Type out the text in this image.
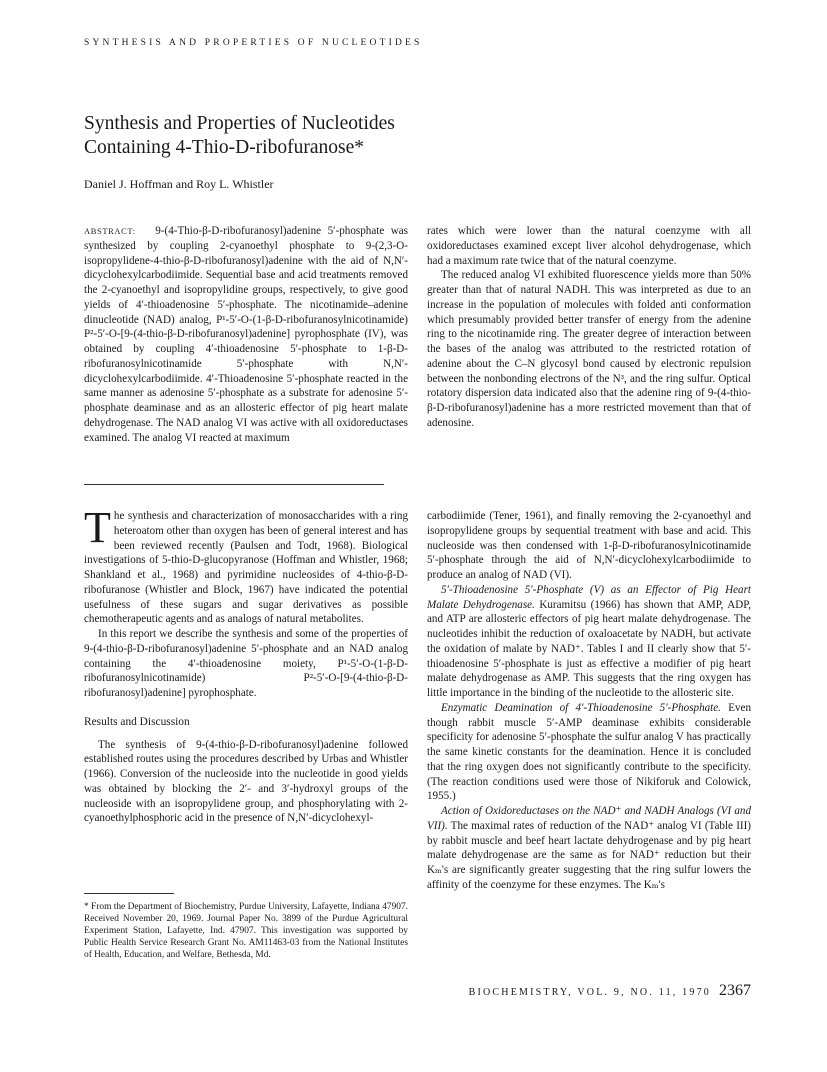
SYNTHESIS AND PROPERTIES OF NUCLEOTIDES
Synthesis and Properties of Nucleotides
Containing 4-Thio-D-ribofuranose*
Daniel J. Hoffman and Roy L. Whistler

ABSTRACT: 9-(4-Thio-β-D-ribofuranosyl)adenine 5′-phosphate was synthesized by coupling 2-cyanoethyl phosphate to 9-(2,3-O-isopropylidene-4-thio-β-D-ribofuranosyl)adenine with the aid of N,N′-dicyclohexylcarbodiimide. Sequential base and acid treatments removed the 2-cyanoethyl and isopropylidine groups, respectively, to give good yields of 4′-thioadenosine 5′-phosphate. The nicotinamide–adenine dinucleotide (NAD) analog, P¹-5′-O-(1-β-D-ribofuranosylnicotinamide) P²-5′-O-[9-(4-thio-β-D-ribofuranosyl)adenine] pyrophosphate (IV), was obtained by coupling 4′-thioadenosine 5′-phosphate to 1-β-D-ribofuranosylnicotinamide 5′-phosphate with N,N′-dicyclohexylcarbodiimide. 4′-Thioadenosine 5′-phosphate reacted in the same manner as adenosine 5′-phosphate as a substrate for adenosine 5′-phosphate deaminase and as an allosteric effector of pig heart malate dehydrogenase. The NAD analog VI was active with all oxidoreductases examined. The analog VI reacted at maximum

rates which were lower than the natural coenzyme with all oxidoreductases examined except liver alcohol dehydrogenase, which had a maximum rate twice that of the natural coenzyme.

The reduced analog VI exhibited fluorescence yields more than 50% greater than that of natural NADH. This was interpreted as due to an increase in the population of molecules with folded anti conformation which presumably provided better transfer of energy from the adenine ring to the nicotinamide ring. The greater degree of interaction between the bases of the analog was attributed to the restricted rotation of adenine about the C–N glycosyl bond caused by electronic repulsion between the nonbonding electrons of the N³, and the ring sulfur. Optical rotatory dispersion data indicated also that the adenine ring of 9-(4-thio-β-D-ribofuranosyl)adenine has a more restricted movement than that of adenosine.

The synthesis and characterization of monosaccharides with a ring heteroatom other than oxygen has been of general interest and has been reviewed recently (Paulsen and Todt, 1968). Biological investigations of 5-thio-D-glucopyranose (Hoffman and Whistler, 1968; Shankland et al., 1968) and pyrimidine nucleosides of 4-thio-β-D-ribofuranose (Whistler and Block, 1967) have indicated the potential usefulness of these sugars and sugar derivatives as possible chemotherapeutic agents and as analogs of natural metabolites.

In this report we describe the synthesis and some of the properties of 9-(4-thio-β-D-ribofuranosyl)adenine 5′-phosphate and an NAD analog containing the 4′-thioadenosine moiety, P¹-5′-O-(1-β-D-ribofuranosylnicotinamide) P²-5′-O-[9-(4-thio-β-D-ribofuranosyl)adenine] pyrophosphate.

Results and Discussion

The synthesis of 9-(4-thio-β-D-ribofuranosyl)adenine followed established routes using the procedures described by Urbas and Whistler (1966). Conversion of the nucleoside into the nucleotide in good yields was obtained by blocking the 2′- and 3′-hydroxyl groups of the nucleoside with an isopropylidene group, and phosphorylating with 2-cyanoethylphosphoric acid in the presence of N,N′-dicyclohexyl-

carbodiimide (Tener, 1961), and finally removing the 2-cyanoethyl and isopropylidene groups by sequential treatment with base and acid. This nucleoside was then condensed with 1-β-D-ribofuranosylnicotinamide 5′-phosphate through the aid of N,N′-dicyclohexylcarbodiimide to produce an analog of NAD (VI).

5′-Thioadenosine 5′-Phosphate (V) as an Effector of Pig Heart Malate Dehydrogenase. Kuramitsu (1966) has shown that AMP, ADP, and ATP are allosteric effectors of pig heart malate dehydrogenase. The nucleotides inhibit the reduction of oxaloacetate by NADH, but activate the oxidation of malate by NAD⁺. Tables I and II clearly show that 5′-thioadenosine 5′-phosphate is just as effective a modifier of pig heart malate dehydrogenase as AMP. This suggests that the ring oxygen has little importance in the binding of the nucleotide to the allosteric site.

Enzymatic Deamination of 4′-Thioadenosine 5′-Phosphate. Even though rabbit muscle 5′-AMP deaminase exhibits considerable specificity for adenosine 5′-phosphate the sulfur analog V has practically the same kinetic constants for the deamination. Hence it is concluded that the ring oxygen does not significantly contribute to the specificity. (The reaction conditions used were those of Nikiforuk and Colowick, 1955.)

Action of Oxidoreductases on the NAD⁺ and NADH Analogs (VI and VII). The maximal rates of reduction of the NAD⁺ analog VI (Table III) by rabbit muscle and beef heart lactate dehydrogenase and by pig heart malate dehydrogenase are the same as for NAD⁺ reduction but their Kₘ's are significantly greater suggesting that the ring sulfur lowers the affinity of the coenzyme for these enzymes. The Kₘ's

* From the Department of Biochemistry, Purdue University, Lafayette, Indiana 47907. Received November 20, 1969. Journal Paper No. 3899 of the Purdue Agricultural Experiment Station, Lafayette, Ind. 47907. This investigation was supported by Public Health Service Research Grant No. AM11463-03 from the National Institutes of Health, Education, and Welfare, Bethesda, Md.
BIOCHEMISTRY, VOL. 9, NO. 11, 1970 2367
